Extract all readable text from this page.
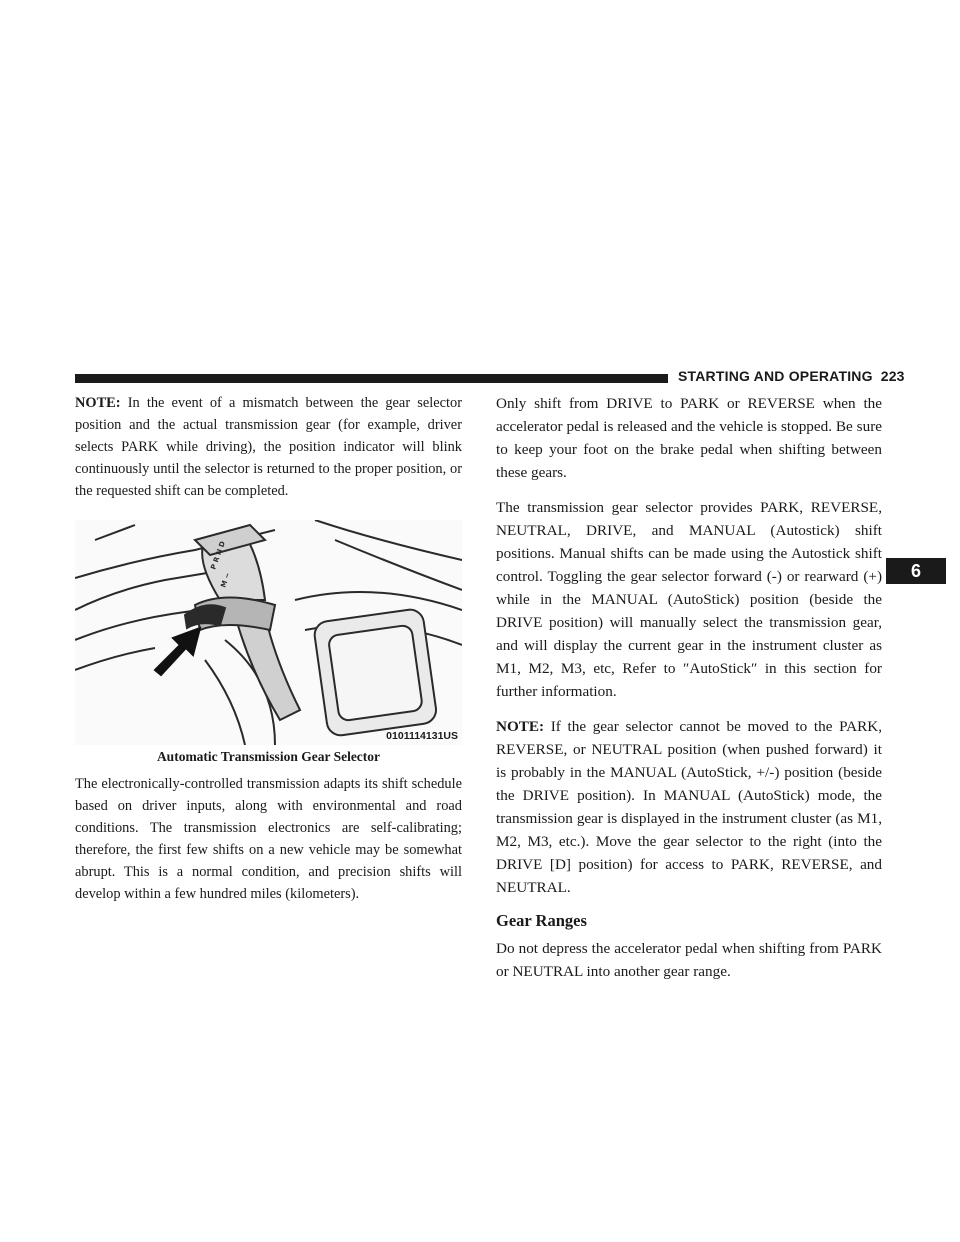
STARTING AND OPERATING 223
6

NOTE: In the event of a mismatch between the gear selector position and the actual transmission gear (for example, driver selects PARK while driving), the position indicator will blink continuously until the selector is returned to the proper position, or the requested shift can be completed.

P R N D
M −
0101114131US
Automatic Transmission Gear Selector

The electronically-controlled transmission adapts its shift schedule based on driver inputs, along with environmental and road conditions. The transmission electronics are self-calibrating; therefore, the first few shifts on a new vehicle may be somewhat abrupt. This is a normal condition, and precision shifts will develop within a few hundred miles (kilometers).

Only shift from DRIVE to PARK or REVERSE when the accelerator pedal is released and the vehicle is stopped. Be sure to keep your foot on the brake pedal when shifting between these gears.

The transmission gear selector provides PARK, REVERSE, NEUTRAL, DRIVE, and MANUAL (Autostick) shift positions. Manual shifts can be made using the Autostick shift control. Toggling the gear selector forward (-) or rearward (+) while in the MANUAL (AutoStick) position (beside the DRIVE position) will manually select the transmission gear, and will display the current gear in the instrument cluster as M1, M2, M3, etc, Refer to ″AutoStick″ in this section for further information.

NOTE: If the gear selector cannot be moved to the PARK, REVERSE, or NEUTRAL position (when pushed forward) it is probably in the MANUAL (AutoStick, +/-) position (beside the DRIVE position). In MANUAL (AutoStick) mode, the transmission gear is displayed in the instrument cluster (as M1, M2, M3, etc.). Move the gear selector to the right (into the DRIVE [D] position) for access to PARK, REVERSE, and NEUTRAL.

Gear Ranges

Do not depress the accelerator pedal when shifting from PARK or NEUTRAL into another gear range.
